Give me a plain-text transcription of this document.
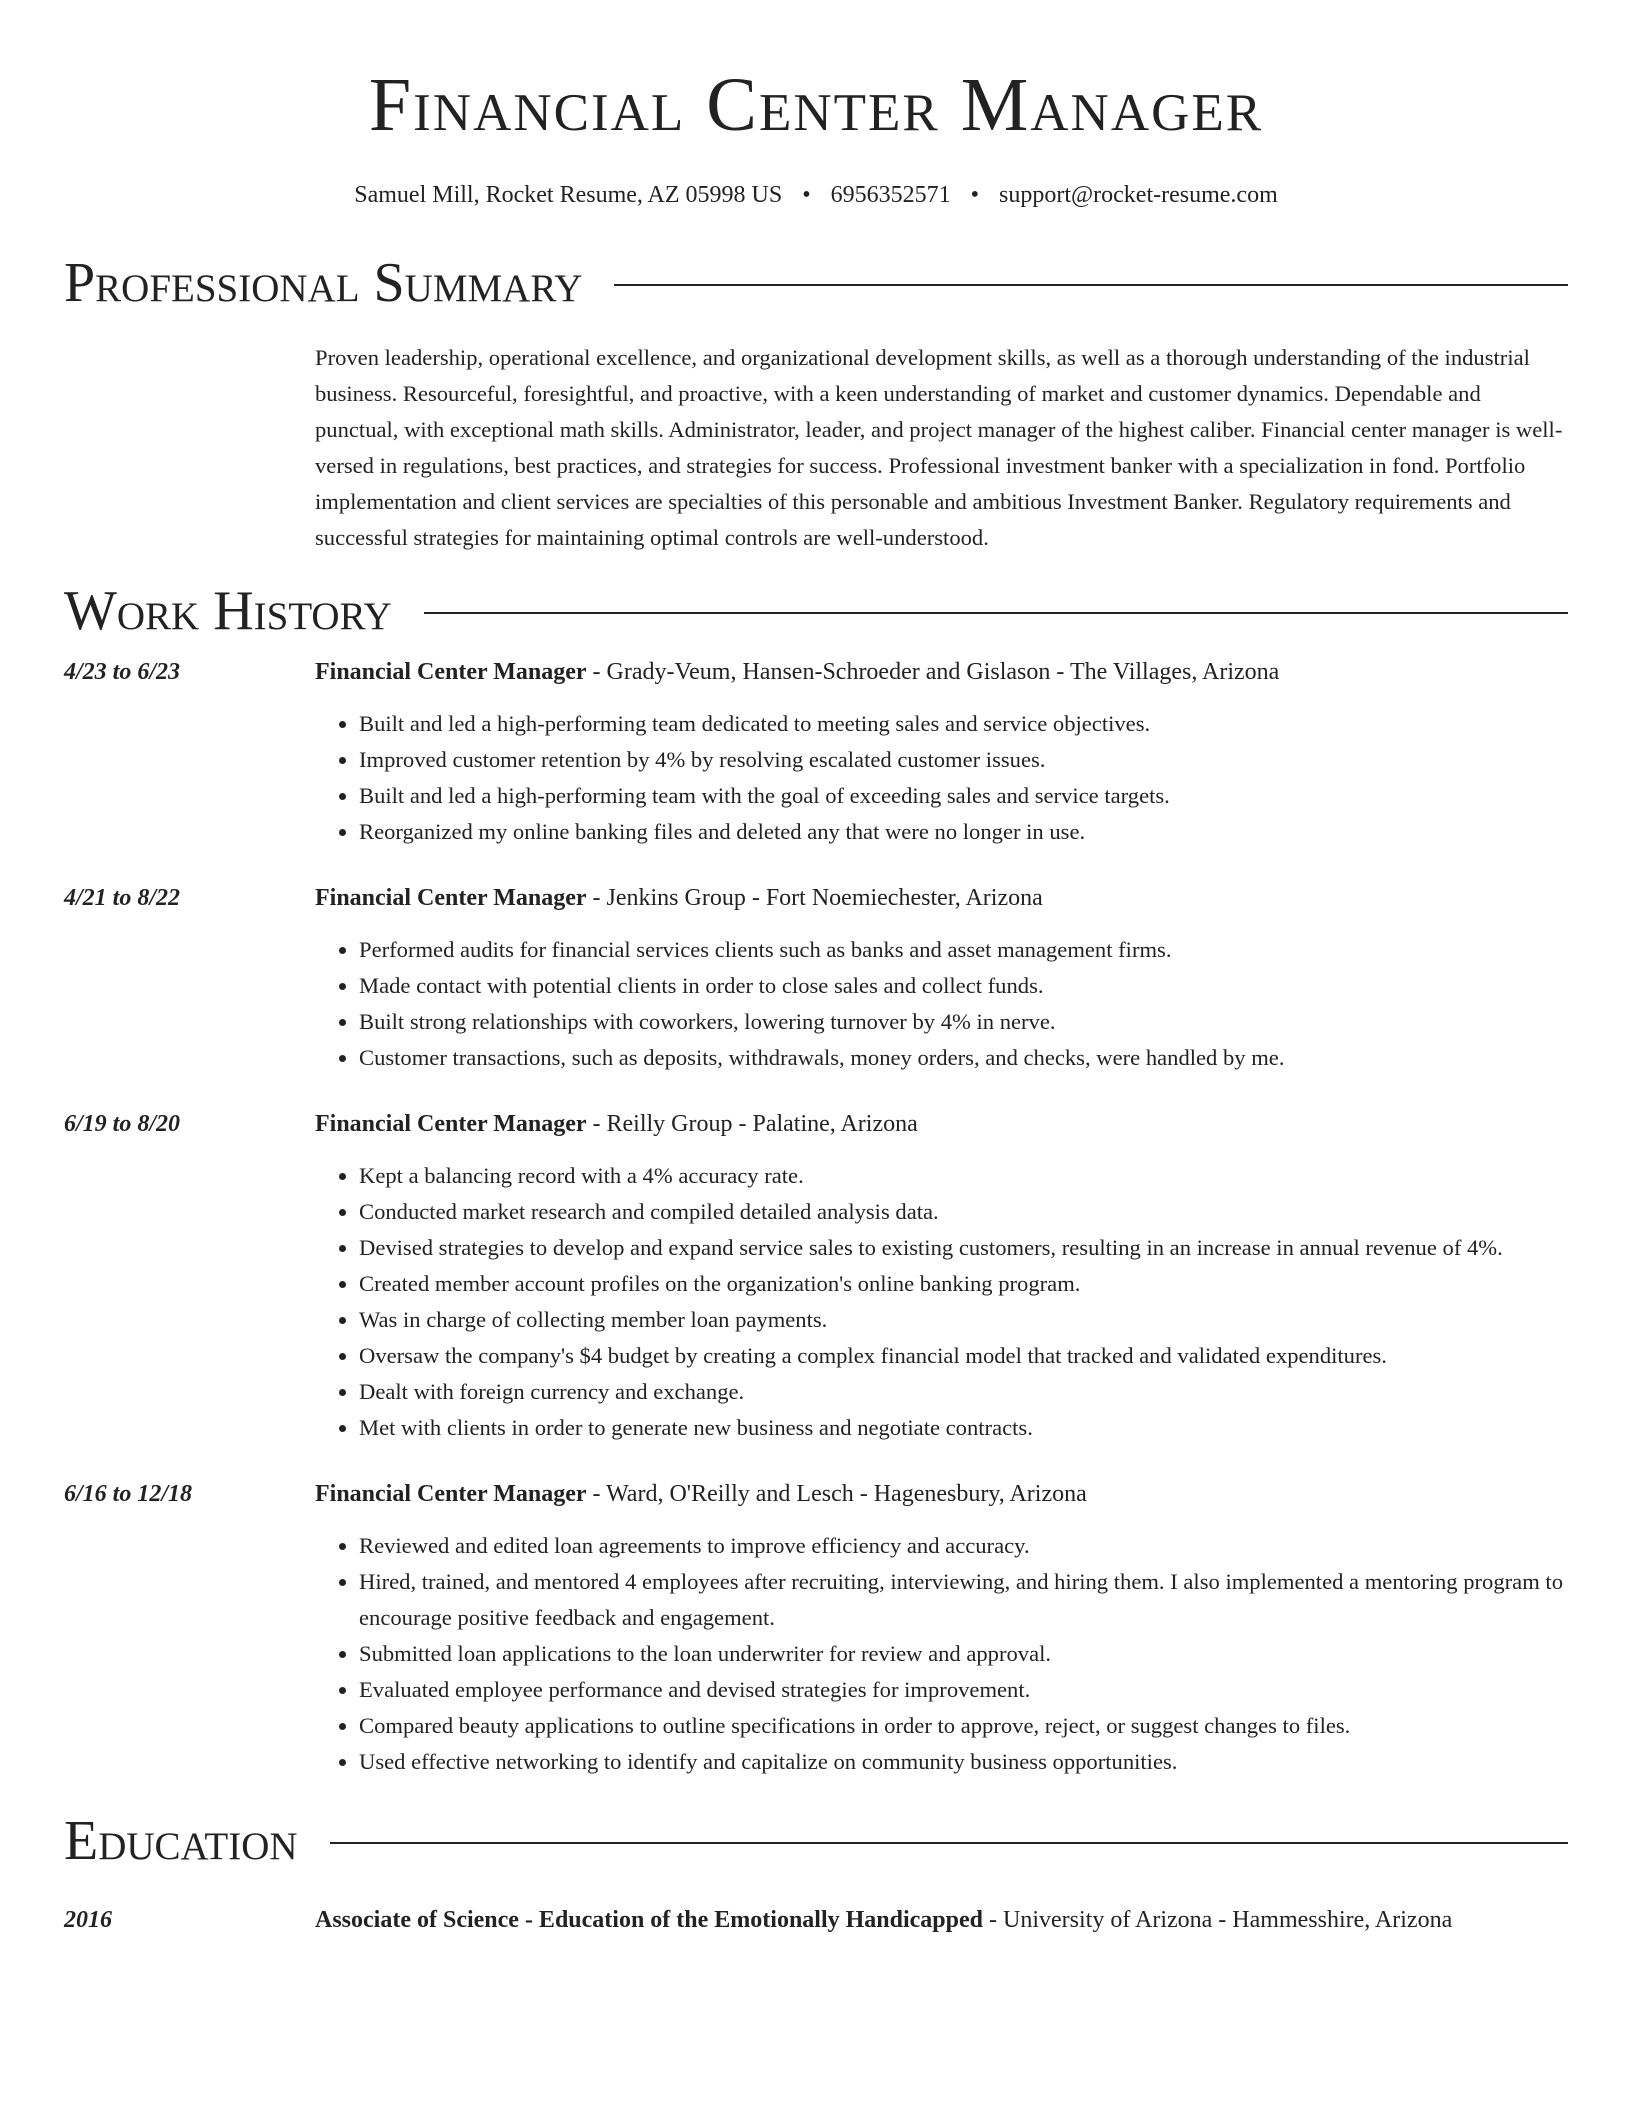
Financial Center Manager
Samuel Mill, Rocket Resume, AZ 05998 US • 6956352571 • support@rocket-resume.com
Professional Summary
Proven leadership, operational excellence, and organizational development skills, as well as a thorough understanding of the industrial business. Resourceful, foresightful, and proactive, with a keen understanding of market and customer dynamics. Dependable and punctual, with exceptional math skills. Administrator, leader, and project manager of the highest caliber. Financial center manager is well-versed in regulations, best practices, and strategies for success. Professional investment banker with a specialization in fond. Portfolio implementation and client services are specialties of this personable and ambitious Investment Banker. Regulatory requirements and successful strategies for maintaining optimal controls are well-understood.
Work History
4/23 to 6/23	Financial Center Manager - Grady-Veum, Hansen-Schroeder and Gislason - The Villages, Arizona
• Built and led a high-performing team dedicated to meeting sales and service objectives.
• Improved customer retention by 4% by resolving escalated customer issues.
• Built and led a high-performing team with the goal of exceeding sales and service targets.
• Reorganized my online banking files and deleted any that were no longer in use.
4/21 to 8/22	Financial Center Manager - Jenkins Group - Fort Noemiechester, Arizona
• Performed audits for financial services clients such as banks and asset management firms.
• Made contact with potential clients in order to close sales and collect funds.
• Built strong relationships with coworkers, lowering turnover by 4% in nerve.
• Customer transactions, such as deposits, withdrawals, money orders, and checks, were handled by me.
6/19 to 8/20	Financial Center Manager - Reilly Group - Palatine, Arizona
• Kept a balancing record with a 4% accuracy rate.
• Conducted market research and compiled detailed analysis data.
• Devised strategies to develop and expand service sales to existing customers, resulting in an increase in annual revenue of 4%.
• Created member account profiles on the organization's online banking program.
• Was in charge of collecting member loan payments.
• Oversaw the company's $4 budget by creating a complex financial model that tracked and validated expenditures.
• Dealt with foreign currency and exchange.
• Met with clients in order to generate new business and negotiate contracts.
6/16 to 12/18	Financial Center Manager - Ward, O'Reilly and Lesch - Hagenesbury, Arizona
• Reviewed and edited loan agreements to improve efficiency and accuracy.
• Hired, trained, and mentored 4 employees after recruiting, interviewing, and hiring them. I also implemented a mentoring program to encourage positive feedback and engagement.
• Submitted loan applications to the loan underwriter for review and approval.
• Evaluated employee performance and devised strategies for improvement.
• Compared beauty applications to outline specifications in order to approve, reject, or suggest changes to files.
• Used effective networking to identify and capitalize on community business opportunities.
Education
2016	Associate of Science - Education of the Emotionally Handicapped - University of Arizona - Hammesshire, Arizona
